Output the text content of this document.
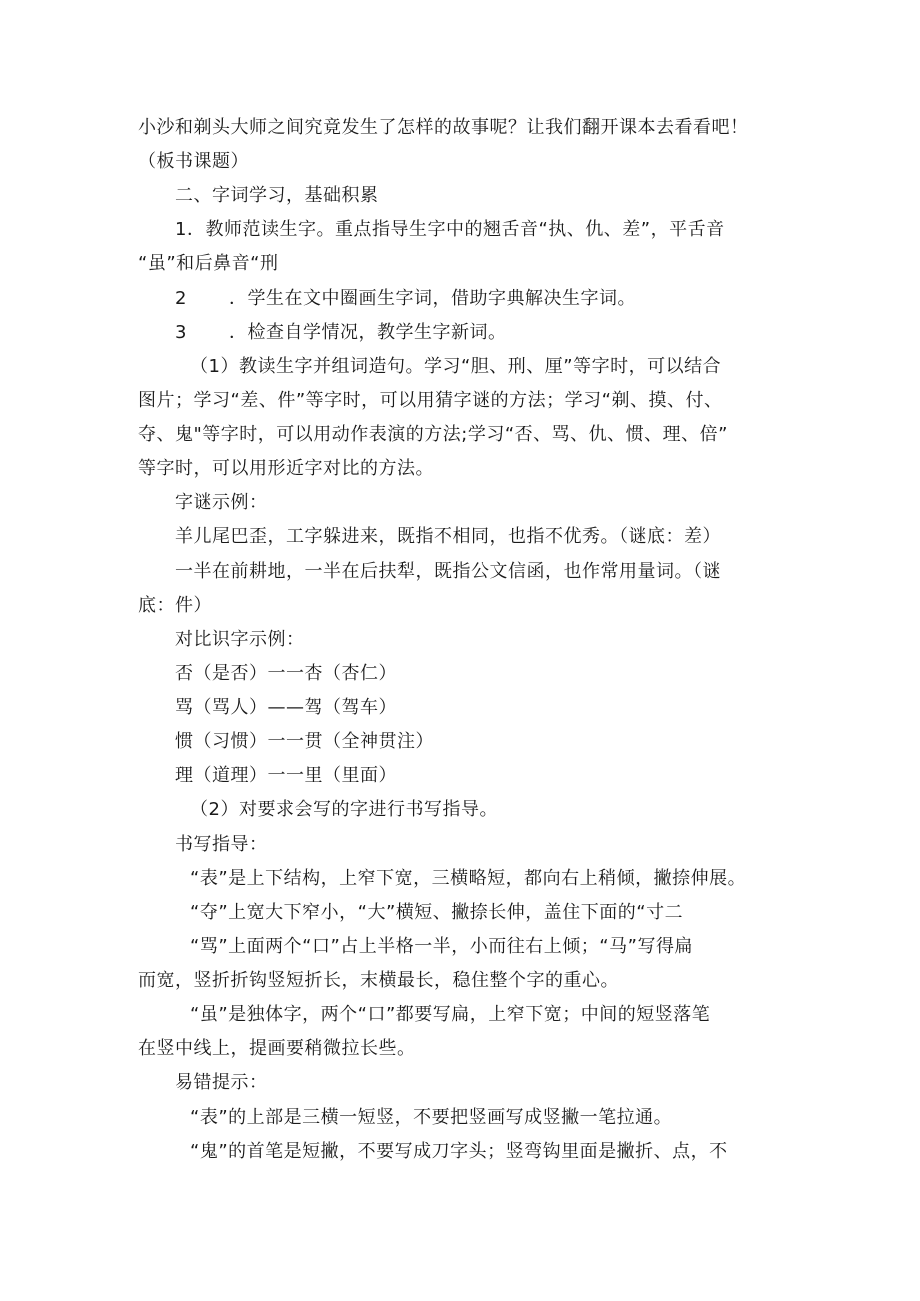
小沙和剃头大师之间究竟发生了怎样的故事呢？让我们翻开课本去看看吧！
（板书课题）
二、字词学习，基础积累
1．教师范读生字。重点指导生字中的翘舌音“执、仇、差”，平舌音
“虽”和后鼻音“刑
2 ．学生在文中圈画生字词，借助字典解决生字词。
3 ．检查自学情况，教学生字新词。
（1）教读生字并组词造句。学习“胆、刑、厘”等字时，可以结合
图片；学习“差、件”等字时，可以用猜字谜的方法；学习“剃、摸、付、
夺、鬼"等字时，可以用动作表演的方法;学习“否、骂、仇、惯、理、倍”
等字时，可以用形近字对比的方法。
字谜示例：
羊儿尾巴歪，工字躲进来，既指不相同，也指不优秀。（谜底：差）
一半在前耕地，一半在后扶犁，既指公文信函，也作常用量词。（谜
底：件）
对比识字示例：
否（是否）一一杏（杏仁）
骂（骂人）——驾（驾车）
惯（习惯）一一贯（全神贯注）
理（道理）一一里（里面）
（2）对要求会写的字进行书写指导。
书写指导：
“表”是上下结构，上窄下宽，三横略短，都向右上稍倾，撇捺伸展。
“夺”上宽大下窄小，“大”横短、撇捺长伸，盖住下面的“寸二
“骂”上面两个“口”占上半格一半，小而往右上倾；“马”写得扁
而宽，竖折折钩竖短折长，末横最长，稳住整个字的重心。
“虽”是独体字，两个“口”都要写扁，上窄下宽；中间的短竖落笔
在竖中线上，提画要稍微拉长些。
易错提示：
“表”的上部是三横一短竖，不要把竖画写成竖撇一笔拉通。
“鬼”的首笔是短撇，不要写成刀字头；竖弯钩里面是撇折、点，不
